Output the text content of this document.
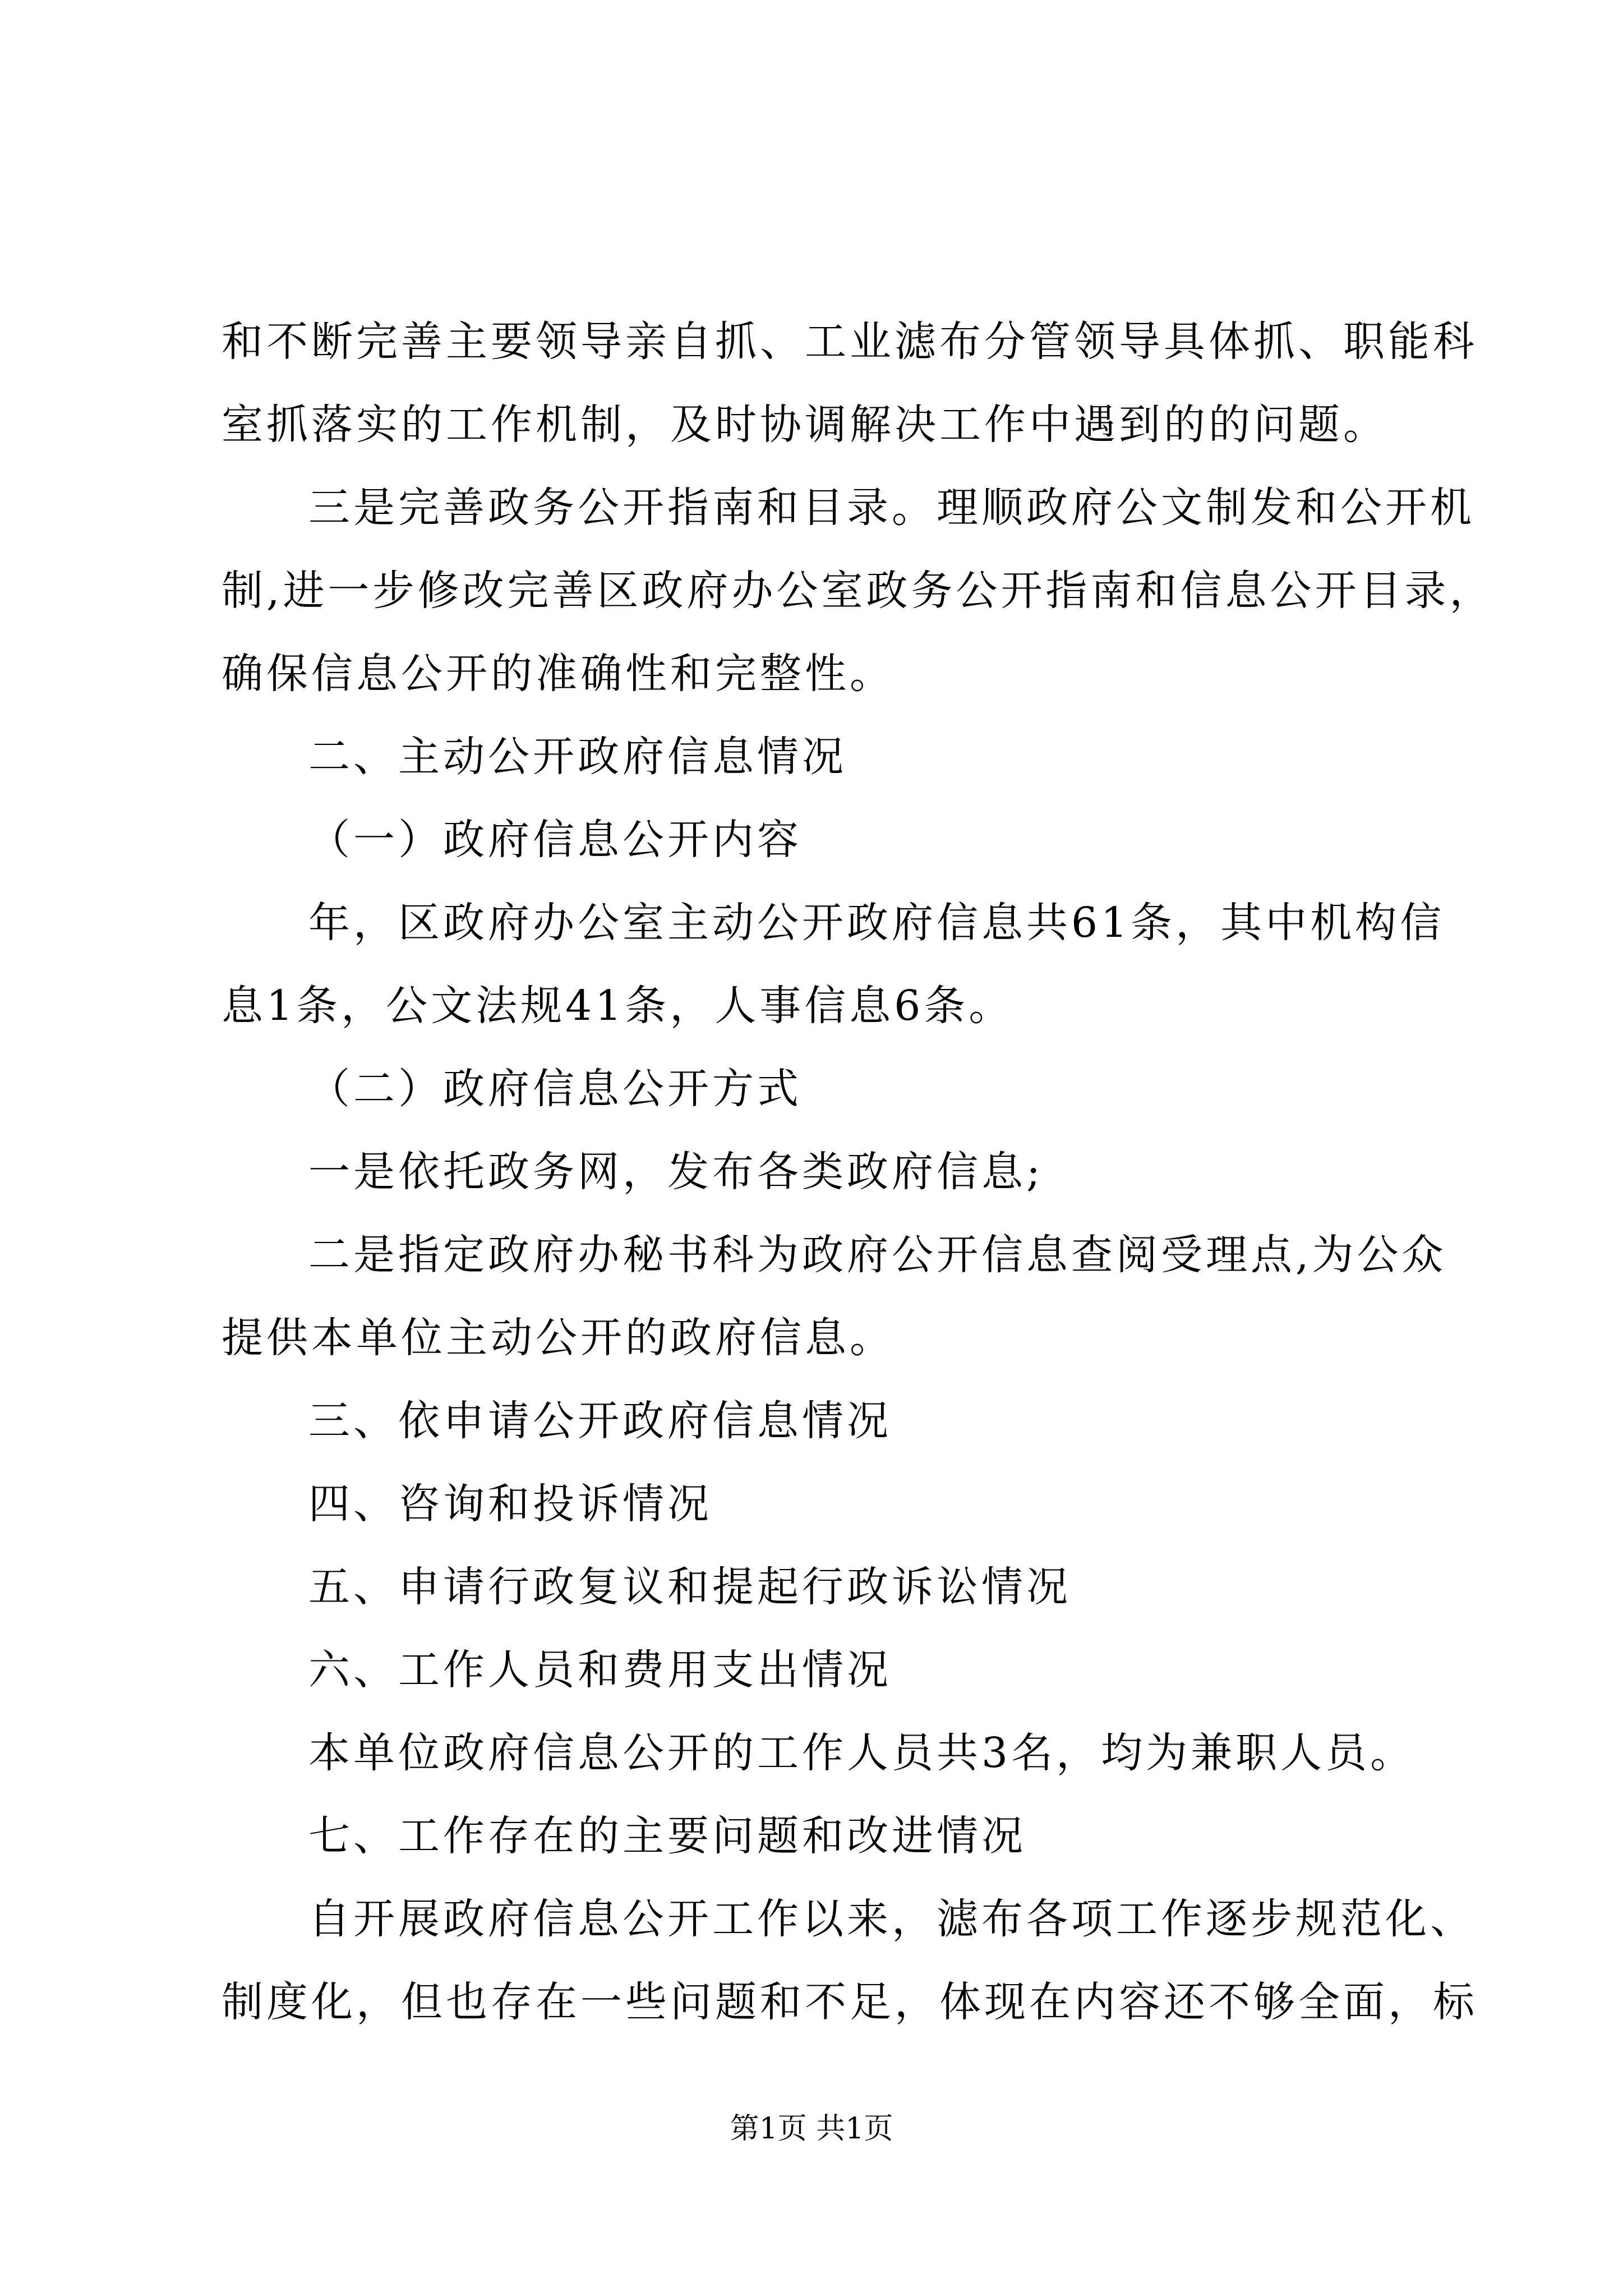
和不断完善主要领导亲自抓、工业滤布分管领导具体抓、职能科
室抓落实的工作机制，及时协调解决工作中遇到的的问题。
三是完善政务公开指南和目录。理顺政府公文制发和公开机
制,进一步修改完善区政府办公室政务公开指南和信息公开目录，
确保信息公开的准确性和完整性。
二、主动公开政府信息情况
（一）政府信息公开内容
年，区政府办公室主动公开政府信息共61条，其中机构信
息1条，公文法规41条，人事信息6条。
（二）政府信息公开方式
一是依托政务网，发布各类政府信息;
二是指定政府办秘书科为政府公开信息查阅受理点,为公众
提供本单位主动公开的政府信息。
三、依申请公开政府信息情况
四、咨询和投诉情况
五、申请行政复议和提起行政诉讼情况
六、工作人员和费用支出情况
本单位政府信息公开的工作人员共3名，均为兼职人员。
七、工作存在的主要问题和改进情况
自开展政府信息公开工作以来，滤布各项工作逐步规范化、
制度化，但也存在一些问题和不足，体现在内容还不够全面，标
第1页 共1页
